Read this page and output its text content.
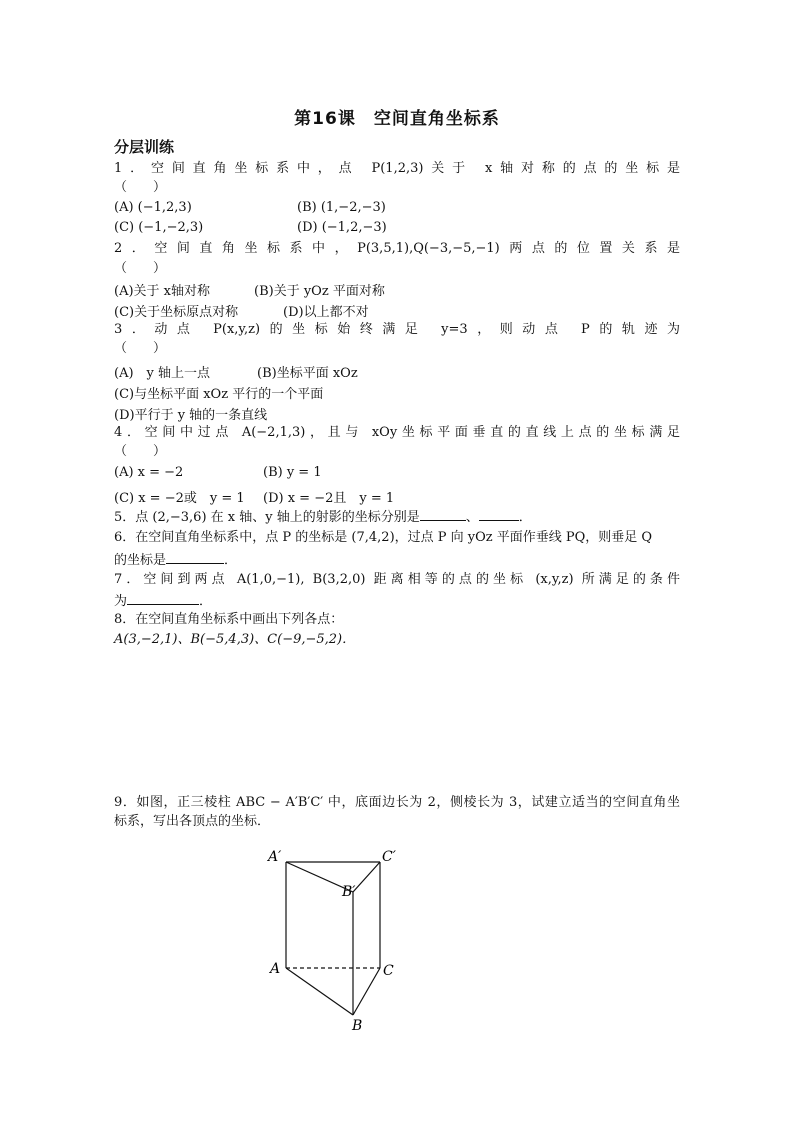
第16课　空间直角坐标系
分层训练
1．空间直角坐标系中，点 P(1,2,3)关于 x轴对称的点的坐标是
（　　）
(A) (−1,2,3)	(B) (1,−2,−3)
(C) (−1,−2,3)	(D) (−1,2,−3)
2．空间直角坐标系中，P(3,5,1),Q(−3,−5,−1)两点的位置关系是
（　　）
(A)关于 x轴对称	(B)关于 yOz 平面对称
(C)关于坐标原点对称	(D)以上都不对
3．动点 P(x,y,z)的坐标始终满足 y=3，则动点 P的轨迹为
（　　）
(A)　y 轴上一点	(B)坐标平面 xOz
(C)与坐标平面 xOz 平行的一个平面
(D)平行于 y 轴的一条直线
4．空间中过点 A(−2,1,3)，且与 xOy坐标平面垂直的直线上点的坐标满足
（　　）
(A) x = −2	(B) y = 1
(C) x = −2或　y = 1 (D) x = −2且　y = 1
5．点 (2,−3,6) 在 x 轴、y 轴上的射影的坐标分别是	、	．
6．在空间直角坐标系中，点 P 的坐标是 (7,4,2)，过点 P 向 yOz 平面作垂线 PQ，则垂足 Q
的坐标是	．
7．空间到两点 A(1,0,−1), B(3,2,0) 距离相等的点的坐标 (x,y,z) 所满足的条件
为	．
8．在空间直角坐标系中画出下列各点：
A(3,−2,1)、B(−5,4,3)、C(−9,−5,2)．
9．如图，正三棱柱 ABC − A′B′C′ 中，底面边长为 2，侧棱长为 3，试建立适当的空间直角坐
标系，写出各顶点的坐标．
A′	C′
B′
A	C
B
